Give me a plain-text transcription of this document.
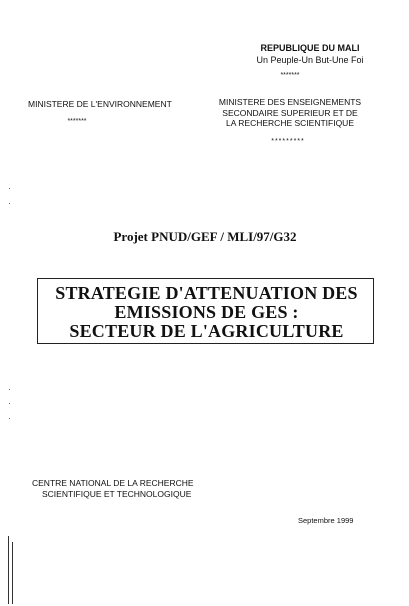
REPUBLIQUE DU MALI
Un Peuple-Un But-Une Foi
*******
MINISTERE DE L'ENVIRONNEMENT
*******
MINISTERE DES ENSEIGNEMENTS
SECONDAIRE SUPERIEUR ET DE
LA RECHERCHE SCIENTIFIQUE
*********
Projet PNUD/GEF / MLI/97/G32
STRATEGIE D'ATTENUATION DES
EMISSIONS DE GES :
SECTEUR DE L'AGRICULTURE
CENTRE NATIONAL DE LA RECHERCHE
SCIENTIFIQUE ET TECHNOLOGIQUE
Septembre 1999
